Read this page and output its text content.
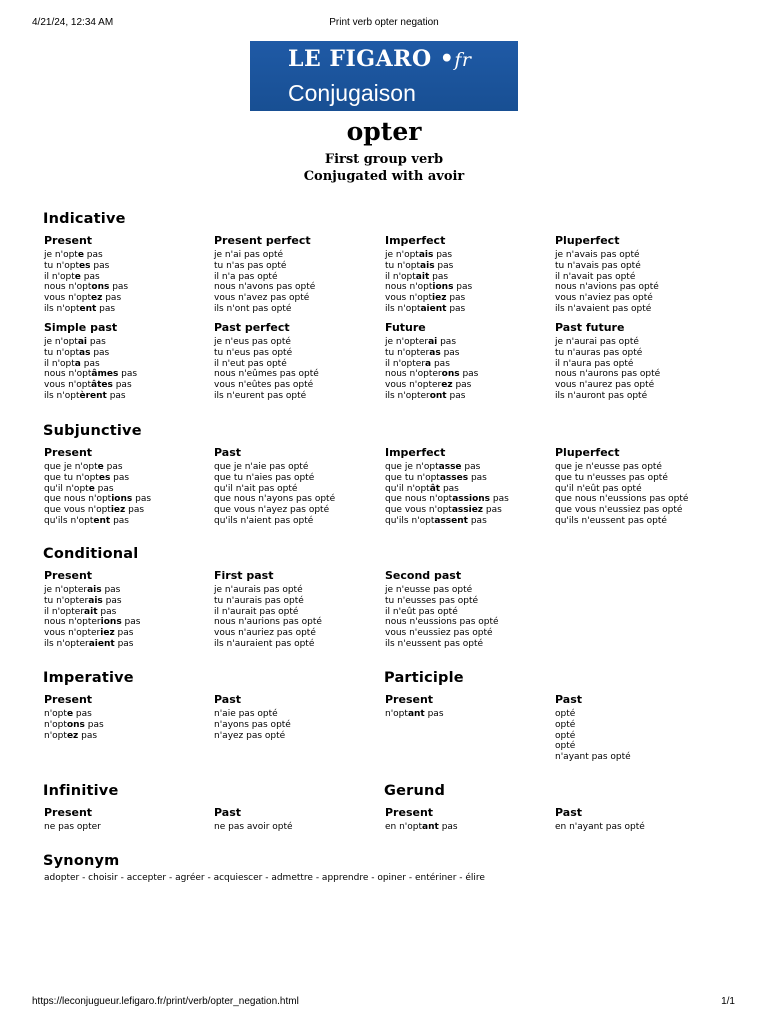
4/21/24, 12:34 AM	Print verb opter negation
LE FIGARO •fr
Conjugaison
opter
First group verb
Conjugated with avoir
Indicative
Present
je n'opte pas
tu n'optes pas
il n'opte pas
nous n'optons pas
vous n'optez pas
ils n'optent pas
Present perfect
je n'ai pas opté
tu n'as pas opté
il n'a pas opté
nous n'avons pas opté
vous n'avez pas opté
ils n'ont pas opté
Imperfect
je n'optais pas
tu n'optais pas
il n'optait pas
nous n'options pas
vous n'optiez pas
ils n'optaient pas
Pluperfect
je n'avais pas opté
tu n'avais pas opté
il n'avait pas opté
nous n'avions pas opté
vous n'aviez pas opté
ils n'avaient pas opté
Simple past
je n'optai pas
tu n'optas pas
il n'opta pas
nous n'optâmes pas
vous n'optâtes pas
ils n'optèrent pas
Past perfect
je n'eus pas opté
tu n'eus pas opté
il n'eut pas opté
nous n'eûmes pas opté
vous n'eûtes pas opté
ils n'eurent pas opté
Future
je n'opterai pas
tu n'opteras pas
il n'optera pas
nous n'opterons pas
vous n'opterez pas
ils n'opteront pas
Past future
je n'aurai pas opté
tu n'auras pas opté
il n'aura pas opté
nous n'aurons pas opté
vous n'aurez pas opté
ils n'auront pas opté
Subjunctive
Present
que je n'opte pas
que tu n'optes pas
qu'il n'opte pas
que nous n'options pas
que vous n'optiez pas
qu'ils n'optent pas
Past
que je n'aie pas opté
que tu n'aies pas opté
qu'il n'ait pas opté
que nous n'ayons pas opté
que vous n'ayez pas opté
qu'ils n'aient pas opté
Imperfect
que je n'optasse pas
que tu n'optasses pas
qu'il n'optât pas
que nous n'optassions pas
que vous n'optassiez pas
qu'ils n'optassent pas
Pluperfect
que je n'eusse pas opté
que tu n'eusses pas opté
qu'il n'eût pas opté
que nous n'eussions pas opté
que vous n'eussiez pas opté
qu'ils n'eussent pas opté
Conditional
Present
je n'opterais pas
tu n'opterais pas
il n'opterait pas
nous n'opterions pas
vous n'opteriez pas
ils n'opteraient pas
First past
je n'aurais pas opté
tu n'aurais pas opté
il n'aurait pas opté
nous n'aurions pas opté
vous n'auriez pas opté
ils n'auraient pas opté
Second past
je n'eusse pas opté
tu n'eusses pas opté
il n'eût pas opté
nous n'eussions pas opté
vous n'eussiez pas opté
ils n'eussent pas opté
Imperative	Participle
Present
n'opte pas
n'optons pas
n'optez pas
Past
n'aie pas opté
n'ayons pas opté
n'ayez pas opté
Present
n'optant pas
Past
opté
opté
opté
opté
n'ayant pas opté
Infinitive	Gerund
Present
ne pas opter
Past
ne pas avoir opté
Present
en n'optant pas
Past
en n'ayant pas opté
Synonym
adopter - choisir - accepter - agréer - acquiescer - admettre - apprendre - opiner - entériner - élire
https://leconjugueur.lefigaro.fr/print/verb/opter_negation.html	1/1
